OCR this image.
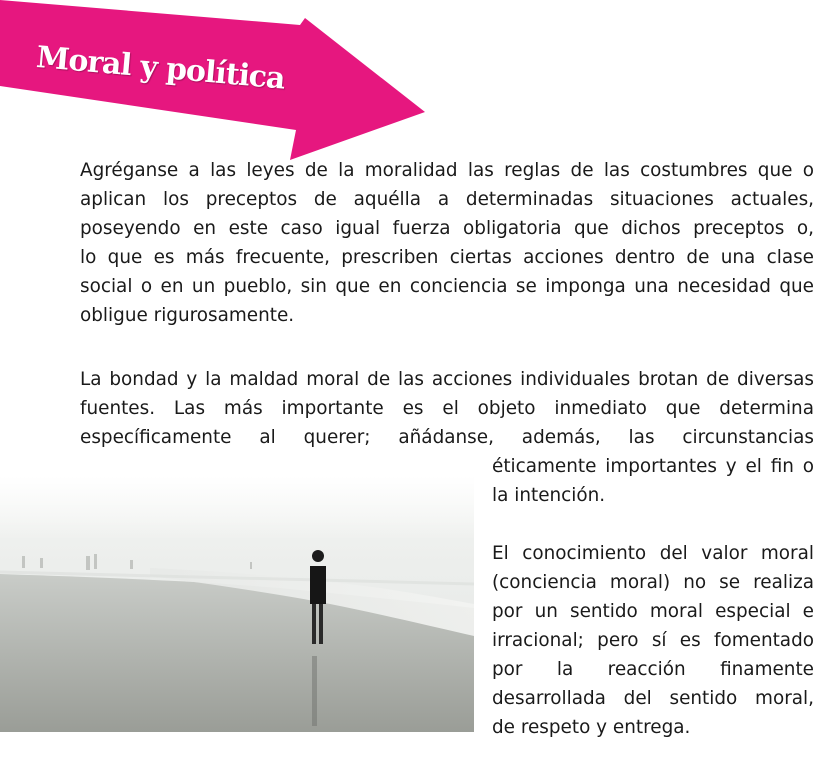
Moral y política
Agréganse a las leyes de la moralidad las reglas de las costumbres que o
aplican los preceptos de aquélla a determinadas situaciones actuales,
poseyendo en este caso igual fuerza obligatoria que dichos preceptos o,
lo que es más frecuente, prescriben ciertas acciones dentro de una clase
social o en un pueblo, sin que en conciencia se imponga una necesidad que
obligue rigurosamente.
La bondad y la maldad moral de las acciones individuales brotan de diversas
fuentes. Las más importante es el objeto inmediato que determina
específicamente al querer; añádanse, además, las circunstancias
éticamente importantes y el fin o
la intención.
El conocimiento del valor moral
(conciencia moral) no se realiza
por un sentido moral especial e
irracional; pero sí es fomentado
por la reacción finamente
desarrollada del sentido moral,
de respeto y entrega.
